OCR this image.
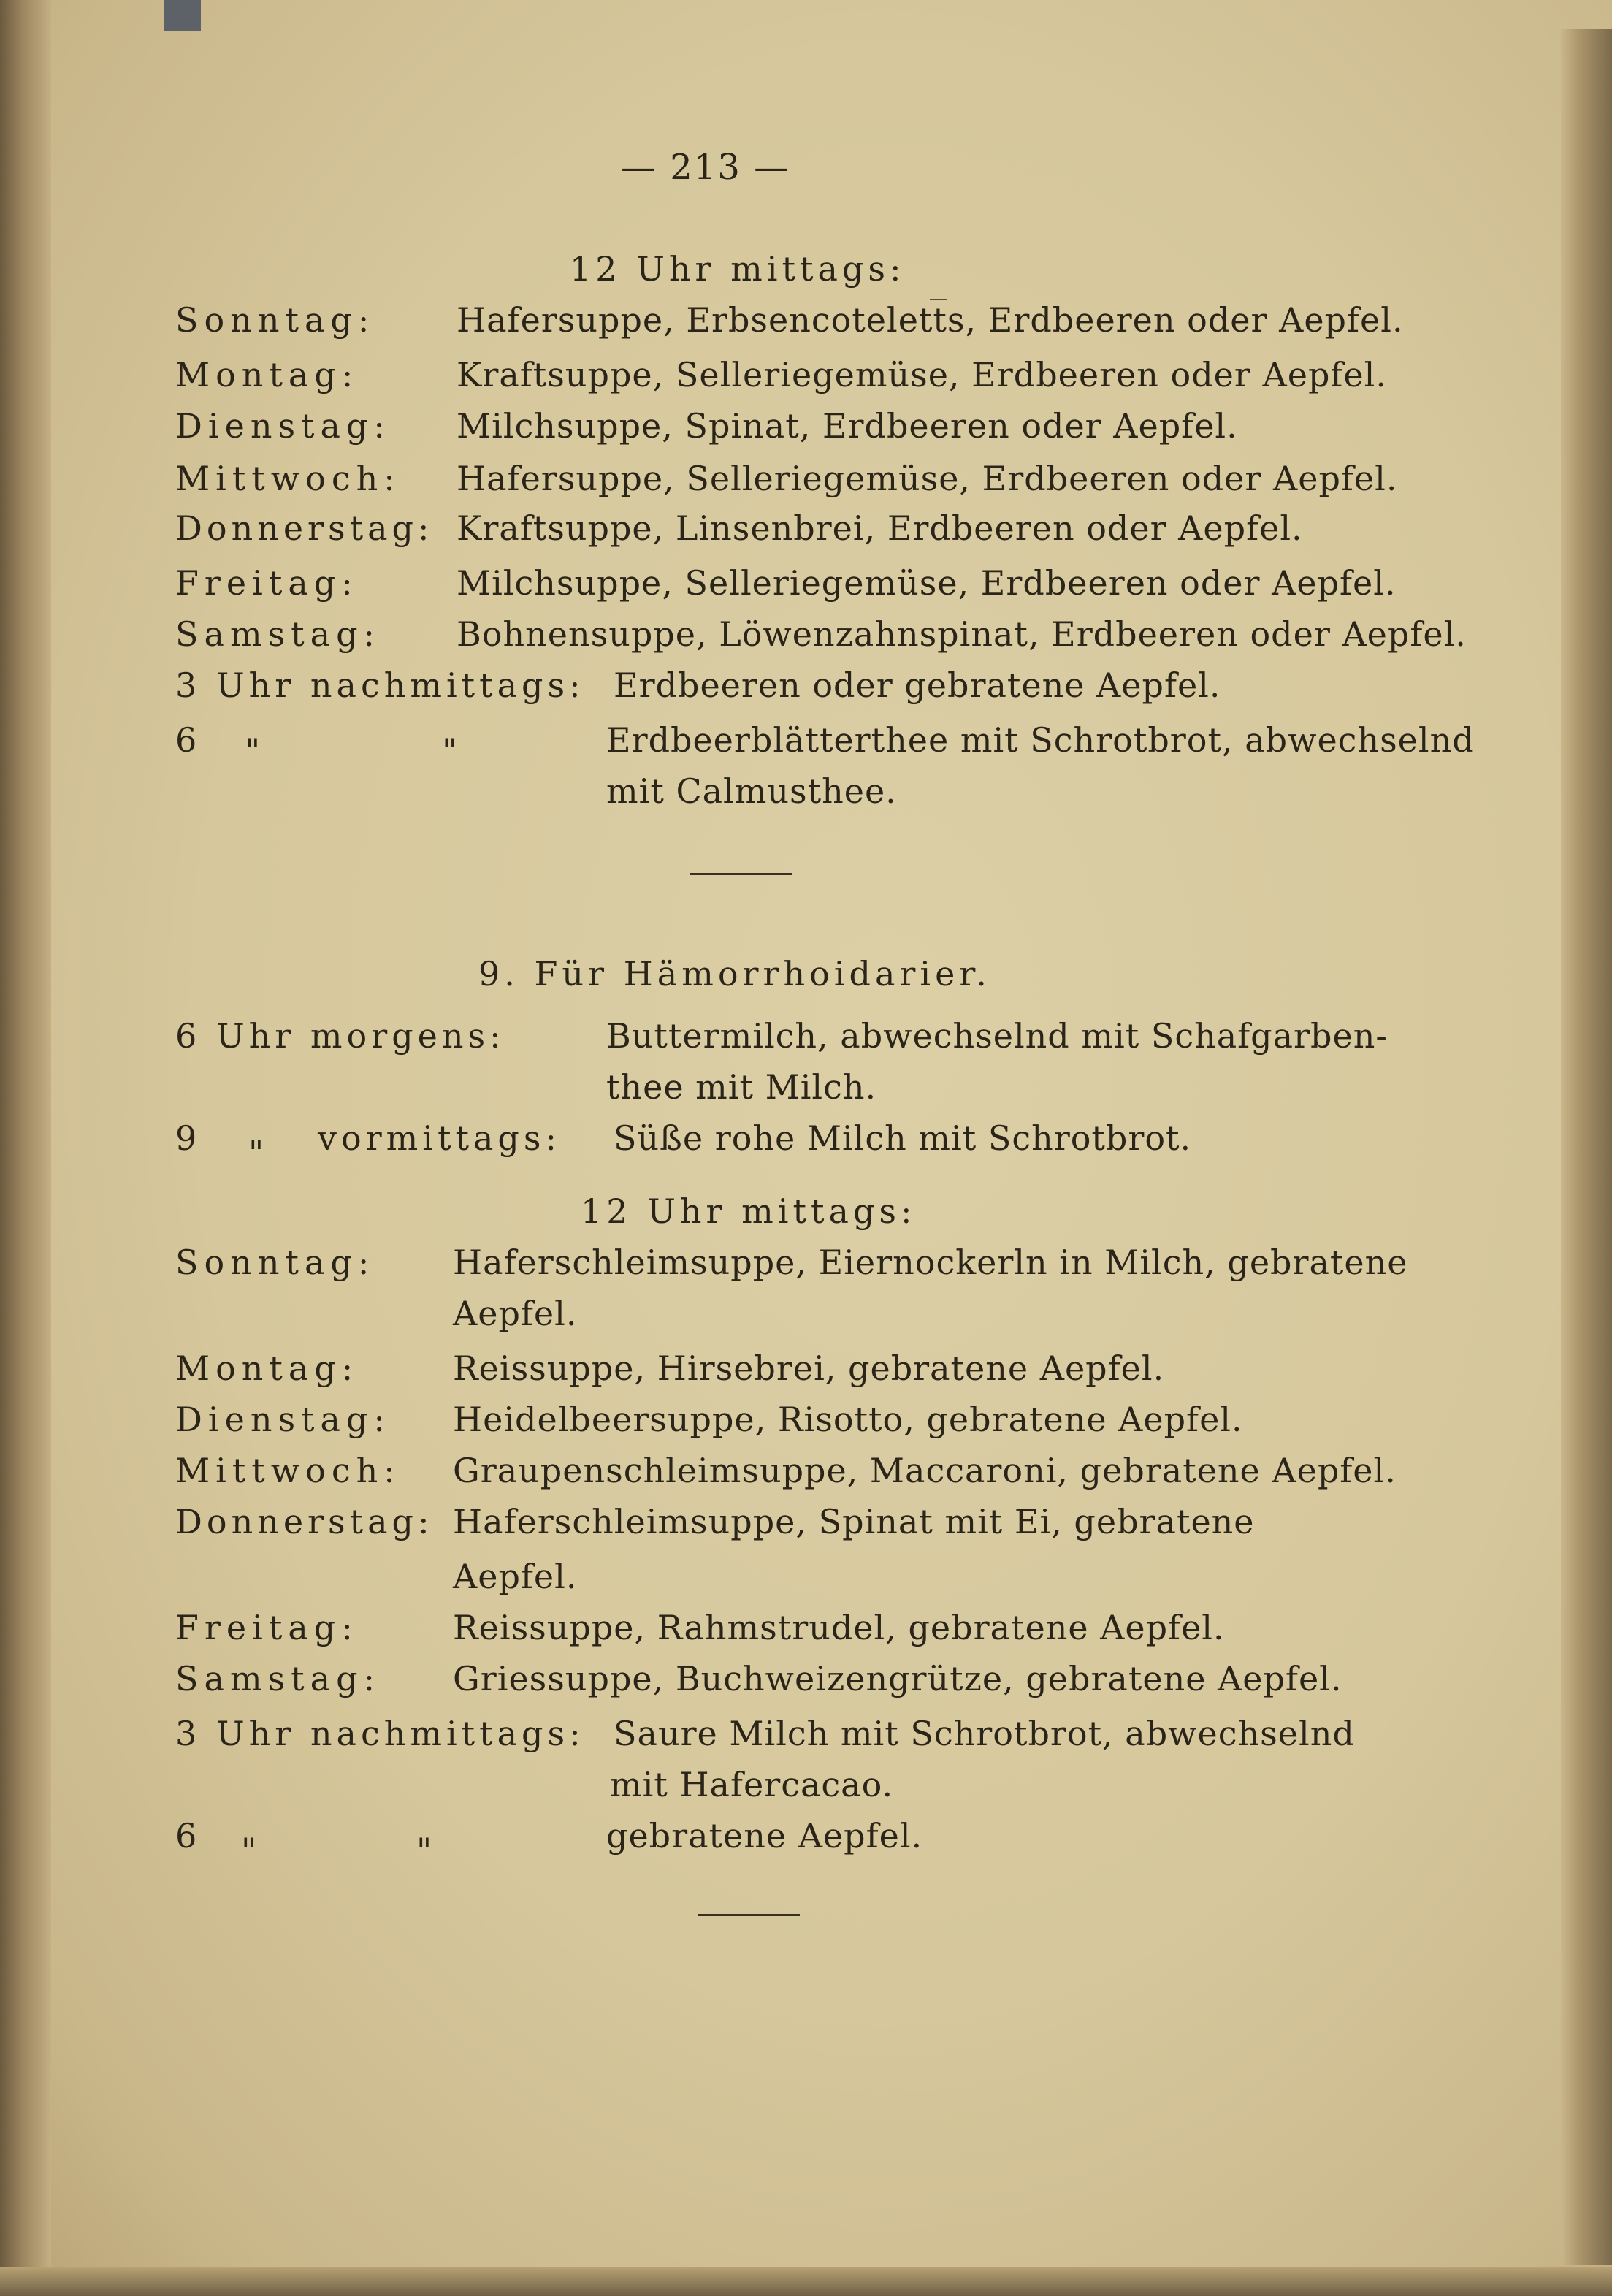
— 213 —
12 Uhr mittags:
Sonntag: Hafersuppe, Erbsencotelett̅s, Erdbeeren oder Aepfel.
Montag:	Kraftsuppe, Selleriegemüse, Erdbeeren oder Aepfel.
Dienstag: Milchsuppe, Spinat, Erdbeeren oder Aepfel.
Mittwoch: Hafersuppe, Selleriegemüse, Erdbeeren oder Aepfel.
Donnerstag: Kraftsuppe, Linsenbrei, Erdbeeren oder Aepfel.
Freitag:	Milchsuppe, Selleriegemüse, Erdbeeren oder Aepfel.
Samstag: Bohnensuppe, Löwenzahnspinat, Erdbeeren oder Aepfel.
3 Uhr nachmittags: Erdbeeren oder gebratene Aepfel.
6 "	"	Erdbeerblätterthee mit Schrotbrot, abwechselnd
mit Calmusthee.
9. Für Hämorrhoidarier.
6 Uhr morgens:	Buttermilch, abwechselnd mit Schafgarben-
thee mit Milch.
9 " vormittags: Süße rohe Milch mit Schrotbrot.
12 Uhr mittags:
Sonntag: Haferschleimsuppe, Eiernockerln in Milch, gebratene
Aepfel.
Montag:	Reissuppe, Hirsebrei, gebratene Aepfel.
Dienstag: Heidelbeersuppe, Risotto, gebratene Aepfel.
Mittwoch: Graupenschleimsuppe, Maccaroni, gebratene Aepfel.
Donnerstag: Haferschleimsuppe, Spinat mit Ei, gebratene
Aepfel.
Freitag:	Reissuppe, Rahmstrudel, gebratene Aepfel.
Samstag: Griessuppe, Buchweizengrütze, gebratene Aepfel.
3 Uhr nachmittags: Saure Milch mit Schrotbrot, abwechselnd
mit Hafercacao.
6 "	"	gebratene Aepfel.
